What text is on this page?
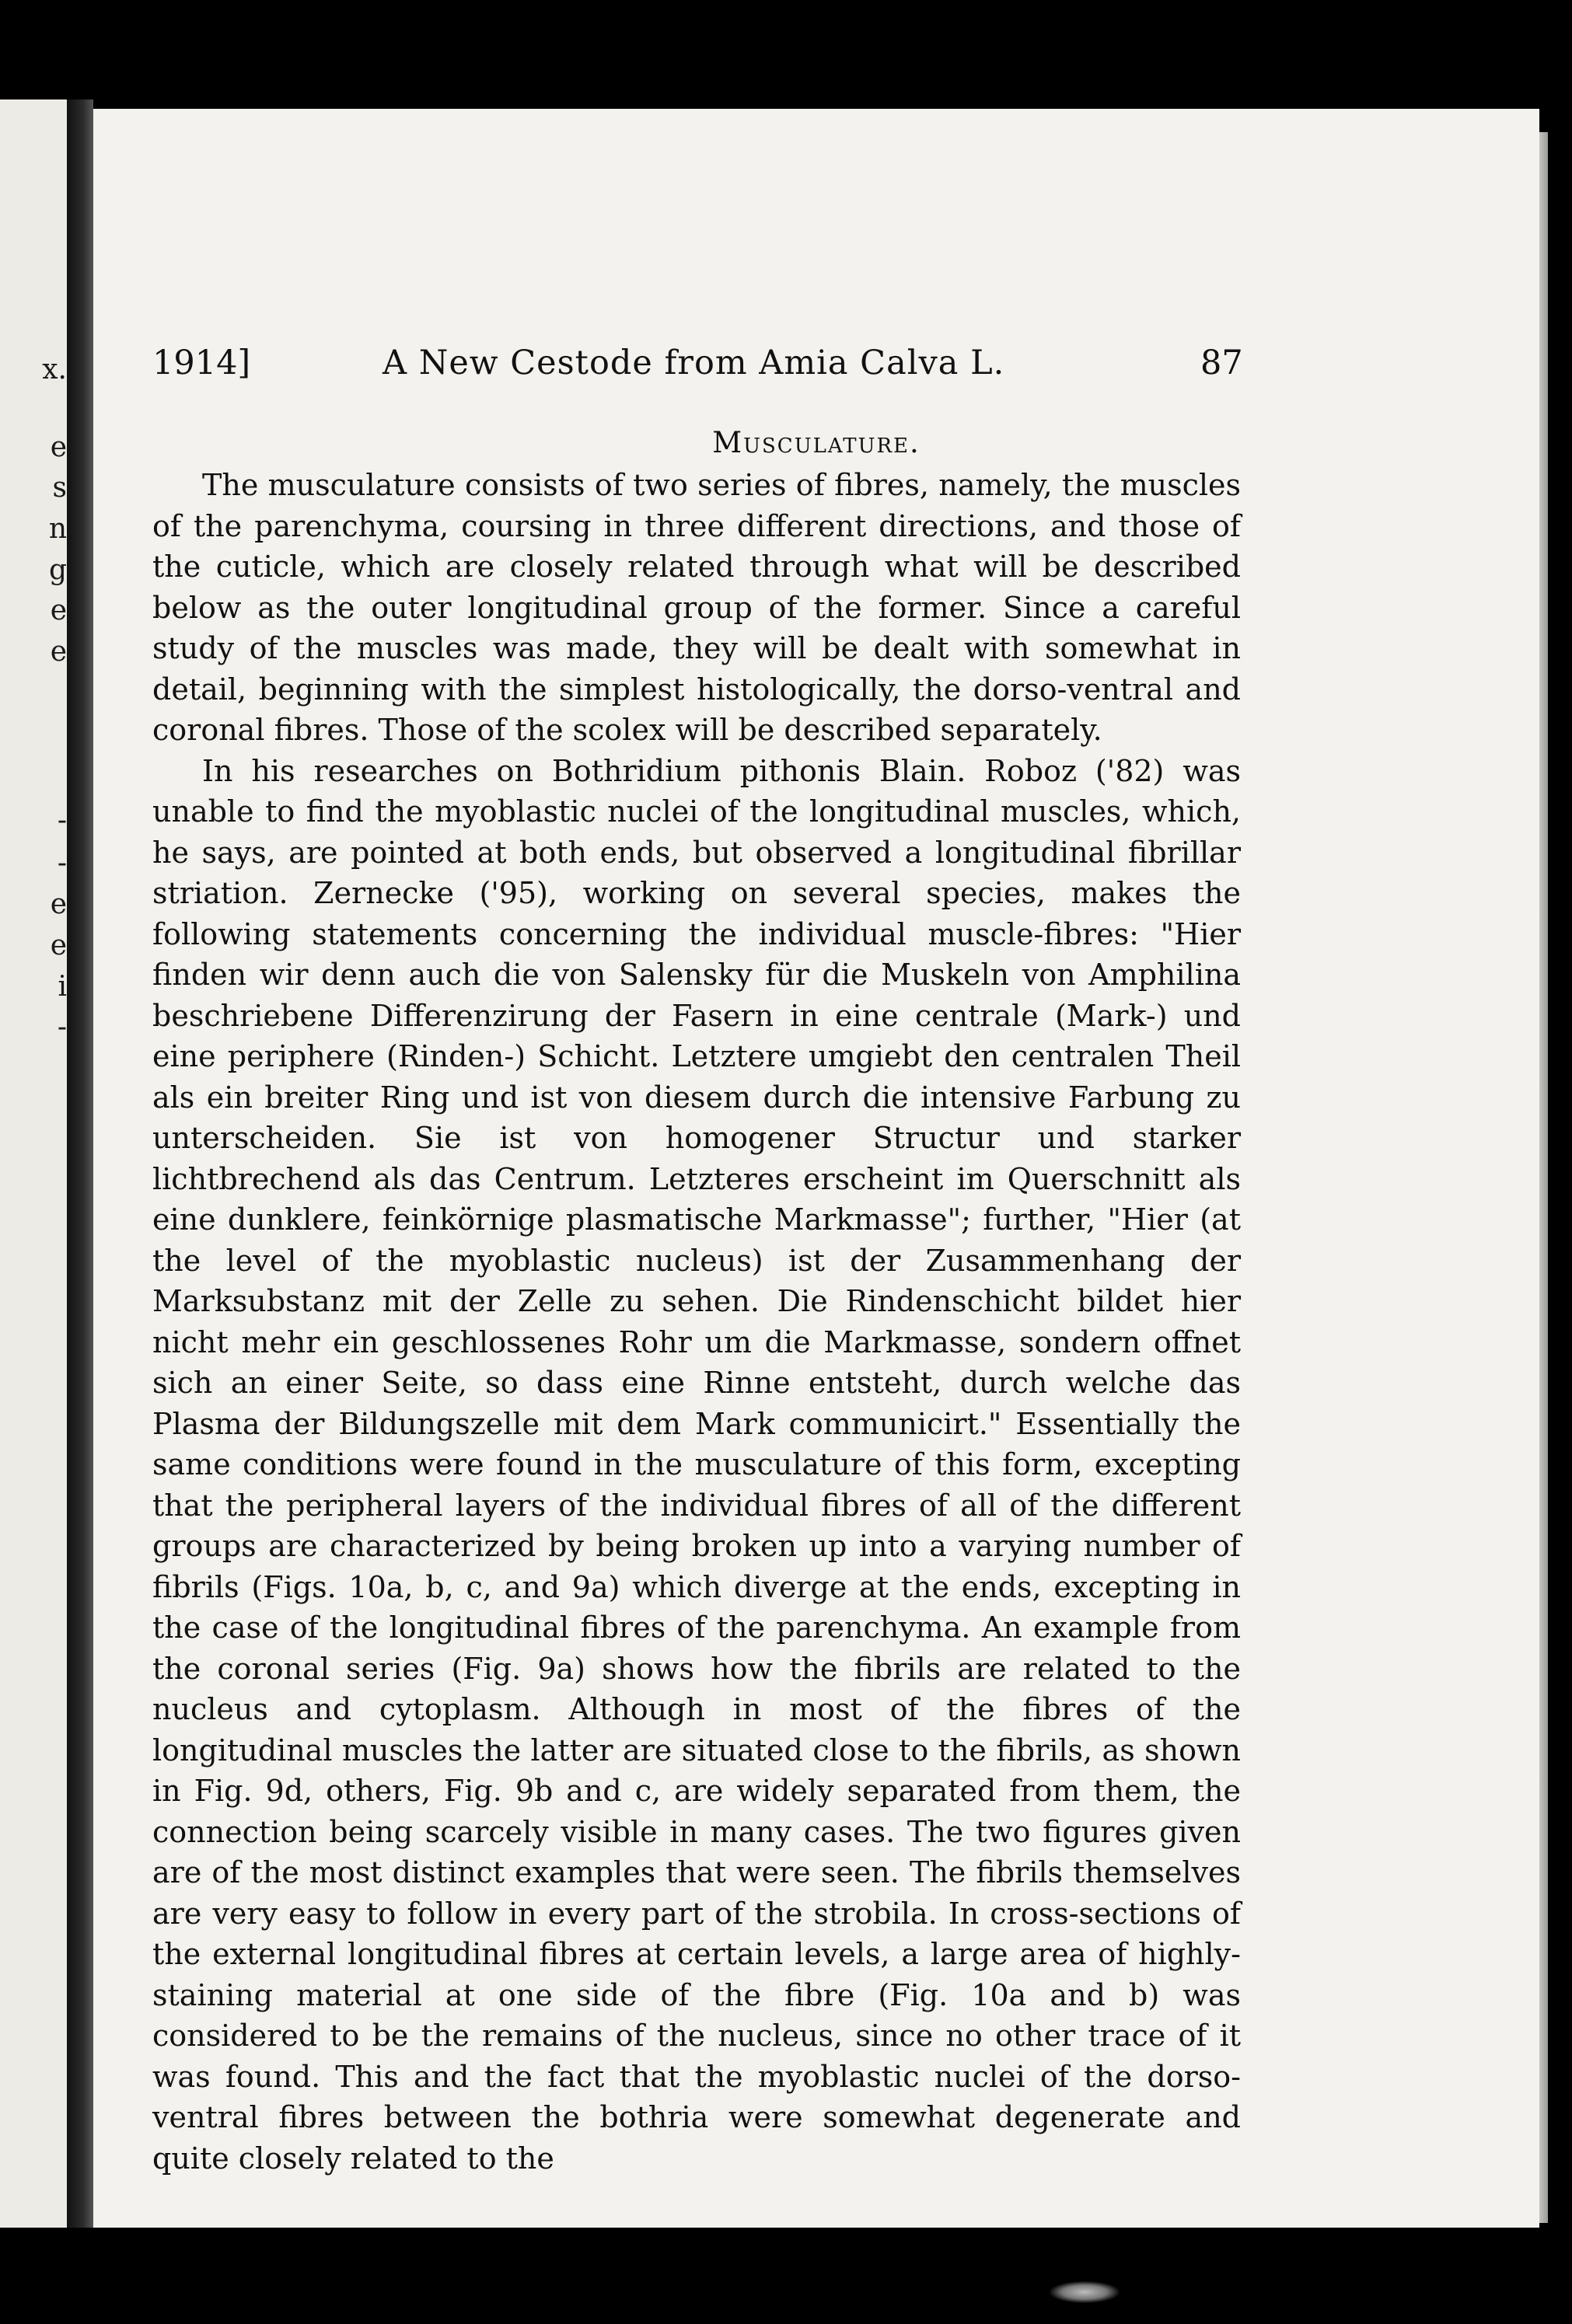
x.
e
s
n
g
e
e
-
-
e
e
i
-
1914]	A New Cestode from Amia Calva L.	87
Musculature.

The musculature consists of two series of fibres, namely, the muscles of the parenchyma, coursing in three different directions, and those of the cuticle, which are closely related through what will be described below as the outer longitudinal group of the former. Since a careful study of the muscles was made, they will be dealt with somewhat in detail, beginning with the simplest histologically, the dorso-ventral and coronal fibres. Those of the scolex will be described separately.

In his researches on Bothridium pithonis Blain. Roboz ('82) was unable to find the myoblastic nuclei of the longitudinal muscles, which, he says, are pointed at both ends, but observed a longitudinal fibrillar striation. Zernecke ('95), working on several species, makes the following statements concerning the individual muscle-fibres: "Hier finden wir denn auch die von Salensky für die Muskeln von Amphilina beschriebene Differenzirung der Fasern in eine centrale (Mark-) und eine periphere (Rinden-) Schicht. Letztere umgiebt den centralen Theil als ein breiter Ring und ist von diesem durch die intensive Farbung zu unterscheiden. Sie ist von homogener Structur und starker lichtbrechend als das Centrum. Letzteres erscheint im Querschnitt als eine dunklere, feinkörnige plasmatische Markmasse"; further, "Hier (at the level of the myoblastic nucleus) ist der Zusammenhang der Marksubstanz mit der Zelle zu sehen. Die Rindenschicht bildet hier nicht mehr ein geschlossenes Rohr um die Markmasse, sondern offnet sich an einer Seite, so dass eine Rinne entsteht, durch welche das Plasma der Bildungszelle mit dem Mark communicirt." Essentially the same conditions were found in the musculature of this form, excepting that the peripheral layers of the individual fibres of all of the different groups are characterized by being broken up into a varying number of fibrils (Figs. 10a, b, c, and 9a) which diverge at the ends, excepting in the case of the longitudinal fibres of the parenchyma. An example from the coronal series (Fig. 9a) shows how the fibrils are related to the nucleus and cytoplasm. Although in most of the fibres of the longitudinal muscles the latter are situated close to the fibrils, as shown in Fig. 9d, others, Fig. 9b and c, are widely separated from them, the connection being scarcely visible in many cases. The two figures given are of the most distinct examples that were seen. The fibrils themselves are very easy to follow in every part of the strobila. In cross-sections of the external longitudinal fibres at certain levels, a large area of highly-staining material at one side of the fibre (Fig. 10a and b) was considered to be the remains of the nucleus, since no other trace of it was found. This and the fact that the myoblastic nuclei of the dorso-ventral fibres between the bothria were somewhat degenerate and quite closely related to the
